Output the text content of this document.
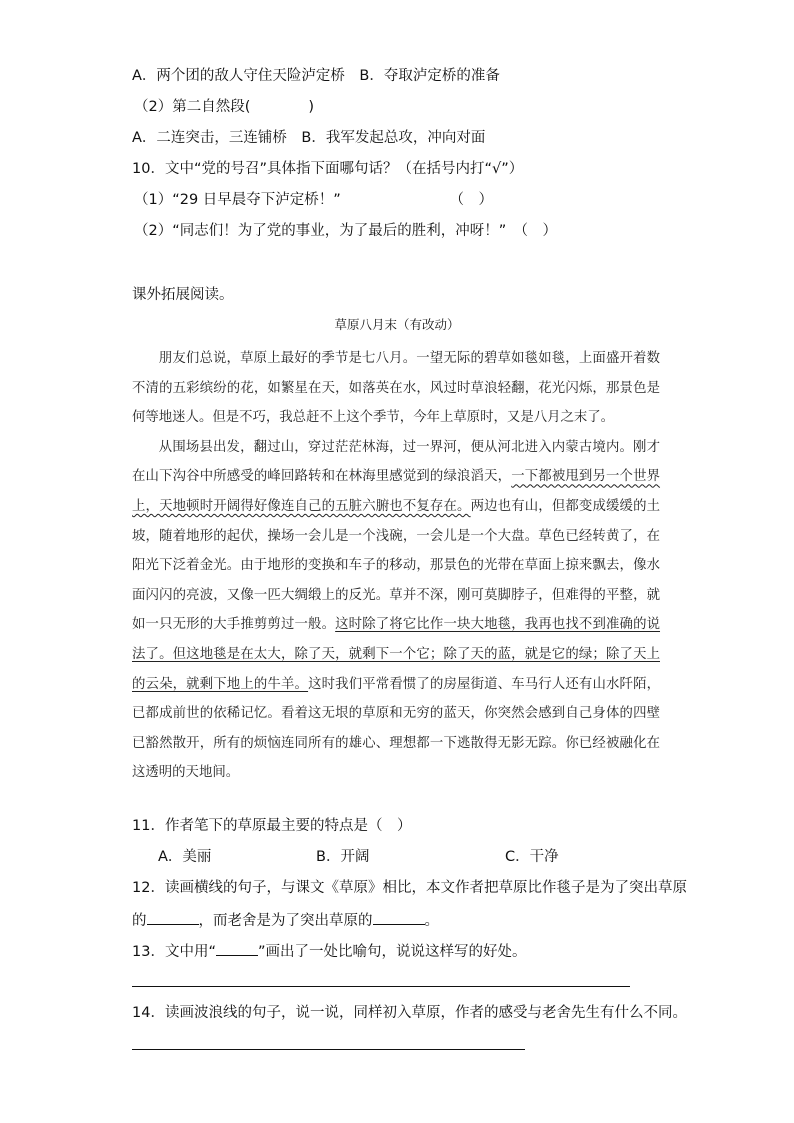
A．两个团的敌人守住天险泸定桥　B．夺取泸定桥的准备
（2）第二自然段(　　　　)
A．二连突击，三连铺桥　B．我军发起总攻，冲向对面
10．文中“党的号召”具体指下面哪句话？（在括号内打“√”）
（1）“29 日早晨夺下泸定桥！”　　　　　　　　（　）
（2）“同志们！为了党的事业，为了最后的胜利，冲呀！”　（　）
课外拓展阅读。
草原八月末（有改动）

朋友们总说，草原上最好的季节是七八月。一望无际的碧草如毯如毯，上面盛开着数不清的五彩缤纷的花，如繁星在天，如落英在水，风过时草浪轻翻，花光闪烁，那景色是何等地迷人。但是不巧，我总赶不上这个季节，今年上草原时，又是八月之末了。

从围场县出发，翻过山，穿过茫茫林海，过一界河，便从河北进入内蒙古境内。刚才在山下沟谷中所感受的峰回路转和在林海里感觉到的绿浪滔天，一下都被甩到另一个世界上，天地顿时开阔得好像连自己的五脏六腑也不复存在。两边也有山，但都变成缓缓的土坡，随着地形的起伏，操场一会儿是一个浅碗，一会儿是一个大盘。草色已经转黄了，在阳光下泛着金光。由于地形的变换和车子的移动，那景色的光带在草面上掠来飘去，像水面闪闪的亮波，又像一匹大绸缎上的反光。草并不深，刚可莫脚脖子，但难得的平整，就如一只无形的大手推剪剪过一般。这时除了将它比作一块大地毯，我再也找不到准确的说法了。但这地毯是在太大，除了天，就剩下一个它；除了天的蓝，就是它的绿；除了天上的云朵，就剩下地上的牛羊。这时我们平常看惯了的房屋街道、车马行人还有山水阡陌，已都成前世的依稀记忆。看着这无垠的草原和无穷的蓝天，你突然会感到自己身体的四壁已豁然散开，所有的烦恼连同所有的雄心、理想都一下逃散得无影无踪。你已经被融化在这透明的天地间。

11．作者笔下的草原最主要的特点是（　）
A．美丽	B．开阔	C．干净
12．读画横线的句子，与课文《草原》相比，本文作者把草原比作毯子是为了突出草原
的	，而老舍是为了突出草原的	。
13．文中用“	”画出了一处比喻句，说说这样写的好处。
14．读画波浪线的句子，说一说，同样初入草原，作者的感受与老舍先生有什么不同。
